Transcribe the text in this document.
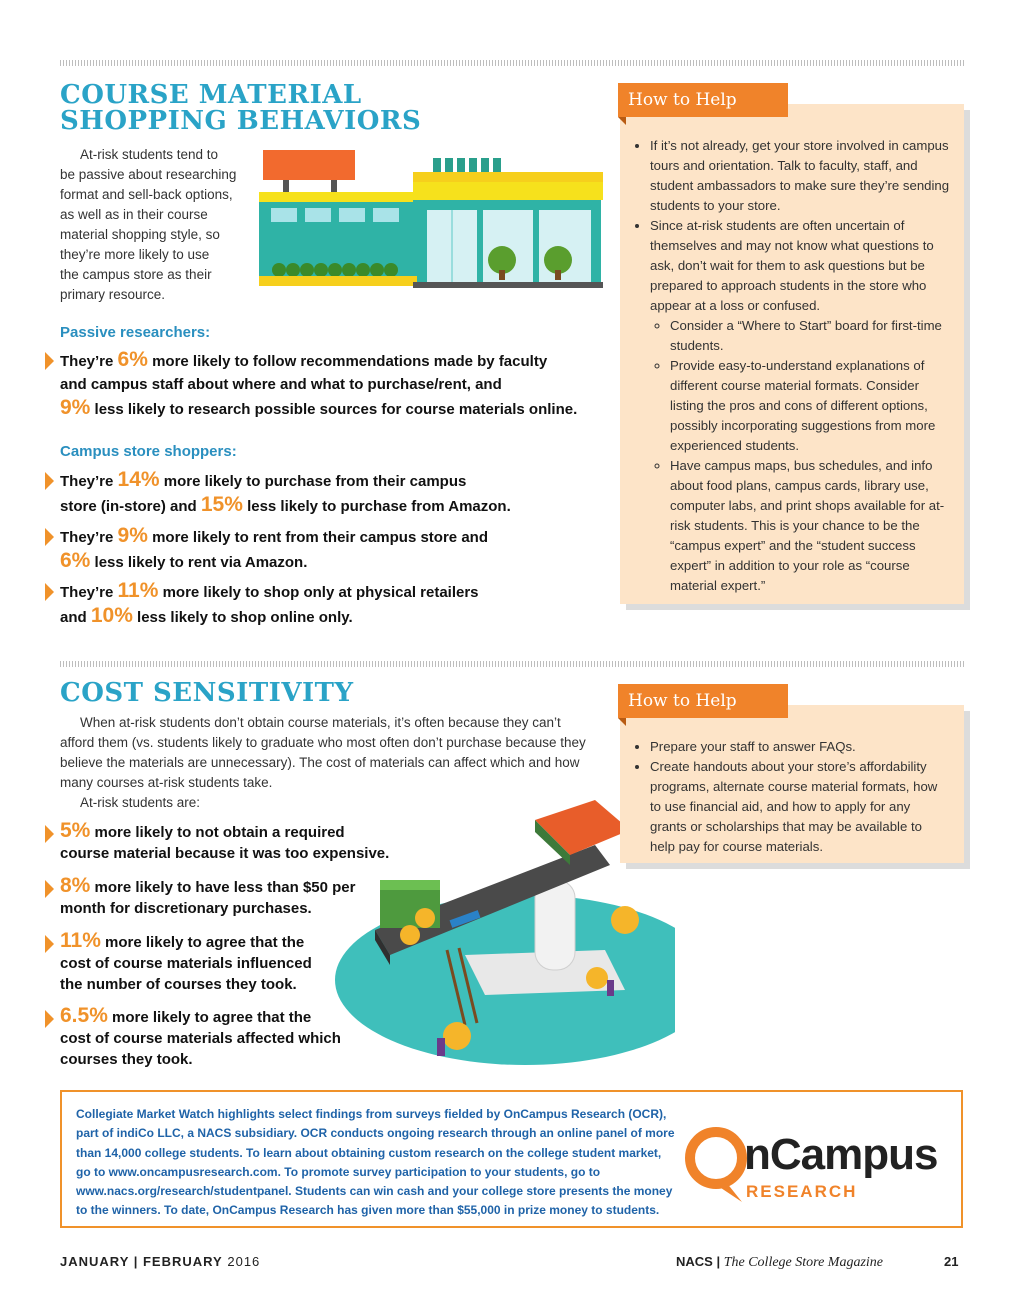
COURSE MATERIAL
SHOPPING BEHAVIORS
At-risk students tend to
be passive about researching
format and sell-back options,
as well as in their course
material shopping style, so
they’re more likely to use
the campus store as their
primary resource.

Passive researchers:

They’re 6% more likely to follow recommendations made by faculty
and campus staff about where and what to purchase/rent, and
9% less likely to research possible sources for course materials online.

Campus store shoppers:

They’re 14% more likely to purchase from their campus
store (in-store) and 15% less likely to purchase from Amazon.
They’re 9% more likely to rent from their campus store and
6% less likely to rent via Amazon.
They’re 11% more likely to shop only at physical retailers
and 10% less likely to shop online only.
• If it’s not already, get your store involved in campus tours and orientation. Talk to faculty, staff, and student ambassadors to make sure they’re sending students to your store.
• Since at-risk students are often uncertain of themselves and may not know what questions to ask, don’t wait for them to ask questions but be prepared to approach students in the store who appear at a loss or confused.
◦ Consider a “Where to Start” board for first-time students.
◦ Provide easy-to-understand explanations of different course material formats. Consider listing the pros and cons of different options, possibly incorporating suggestions from more experienced students.
◦ Have campus maps, bus schedules, and info about food plans, campus cards, library use, computer labs, and print shops available for at-risk students. This is your chance to be the “campus expert” and the “student success expert” in addition to your role as “course material expert.”
How to Help
COST SENSITIVITY
When at-risk students don’t obtain course materials, it’s often because they can’t
afford them (vs. students likely to graduate who most often don’t purchase because they
believe the materials are unnecessary). The cost of materials can affect which and how
many courses at-risk students take.
At-risk students are:
5% more likely to not obtain a required
course material because it was too expensive.
8% more likely to have less than $50 per
month for discretionary purchases.
11% more likely to agree that the
cost of course materials influenced
the number of courses they took.
6.5% more likely to agree that the
cost of course materials affected which
courses they took.
• Prepare your staff to answer FAQs.
• Create handouts about your store’s affordability programs, alternate course material formats, how to use financial aid, and how to apply for any grants or scholarships that may be available to help pay for course materials.
How to Help

Collegiate Market Watch highlights select findings from surveys fielded by OnCampus Research (OCR), part of indiCo LLC, a NACS subsidiary. OCR conducts ongoing research through an online panel of more than 14,000 college students. To learn about obtaining custom research on the college student market, go to www.oncampusresearch.com. To promote survey participation to your students, go to www.nacs.org/research/studentpanel. Students can win cash and your college store presents the money to the winners. To date, OnCampus Research has given more than $55,000 in prize money to students.

nCampus
RESEARCH
JANUARY | FEBRUARY 2016	NACS | The College Store Magazine	21
